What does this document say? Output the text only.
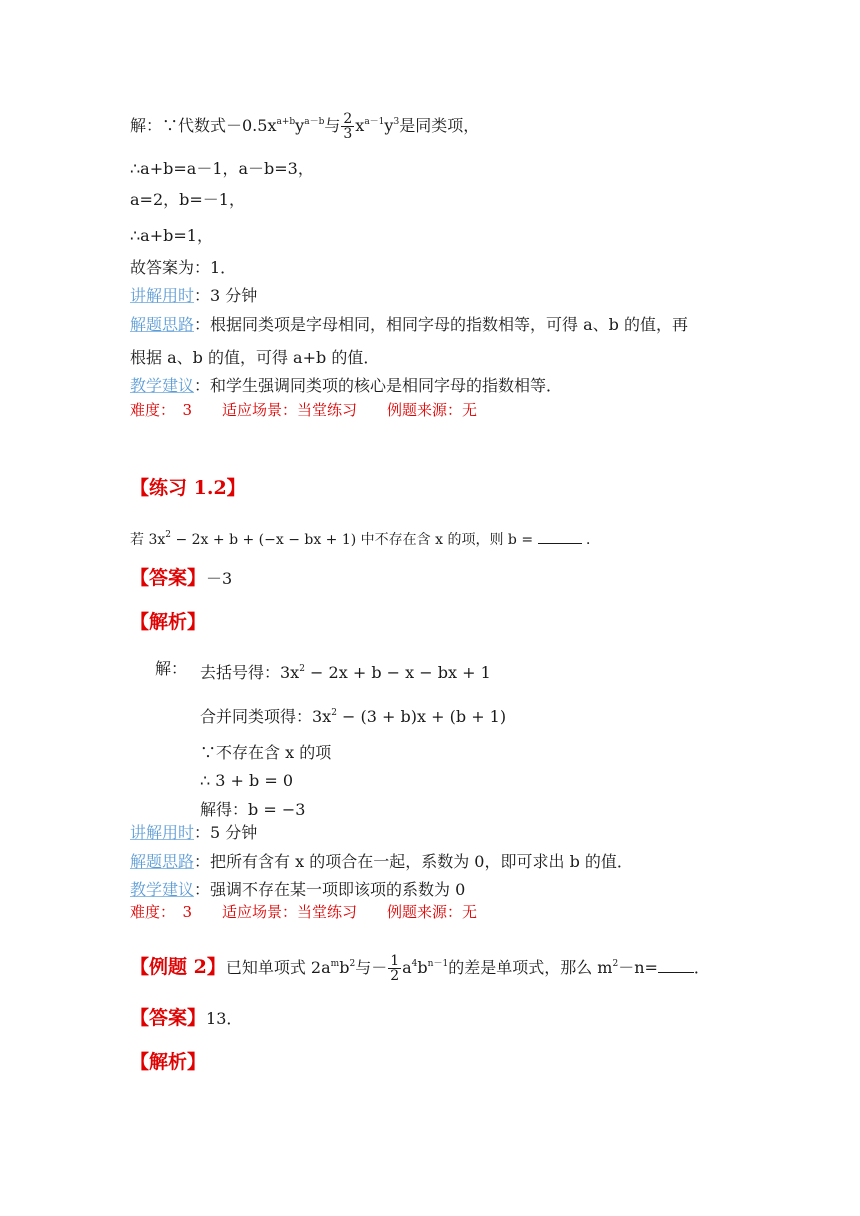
解：∵代数式$-0.5x^{a+b}y^{a-b}$与 $\frac{2}{3} x^{a-1}y^3$是同类项，
∴a+b=a－1，a－b=3，
a=2，b=－1，
∴a+b=1，
故答案为：1．
讲解用时：3 分钟
解题思路：根据同类项是字母相同，相同字母的指数相等，可得 a、b 的值，再
根据 a、b 的值，可得 a+b 的值．
教学建议：和学生强调同类项的核心是相同字母的指数相等．
难度：　3　　适应场景：当堂练习　　例题来源：无
【练习 1.2】
若 $3x^2 - 2x + b + (-x$ − bx + 1) 中不存在含 x 的项，则 b =	．
【答案】－3
【解析】
解： 去括号得：$3x^2 - 2x + b - x$ − bx + 1
合并同类项得：$3x^2 - (3 + b)x + (b + 1)$
∵不存在含 x 的项
∴ 3 + b = 0
解得：b = −3
讲解用时：5 分钟
解题思路：把所有含有 x 的项合在一起，系数为 0，即可求出 b 的值．
教学建议：强调不存在某一项即该项的系数为 0
难度：　3　　适应场景：当堂练习　　例题来源：无
【例题 2】已知单项式 $2a^mb^2$与－ $\frac{1}{2} a^4b^{n-1}$的差是单项式，那么 $m^2-n=$ ．
【答案】13．
【解析】
